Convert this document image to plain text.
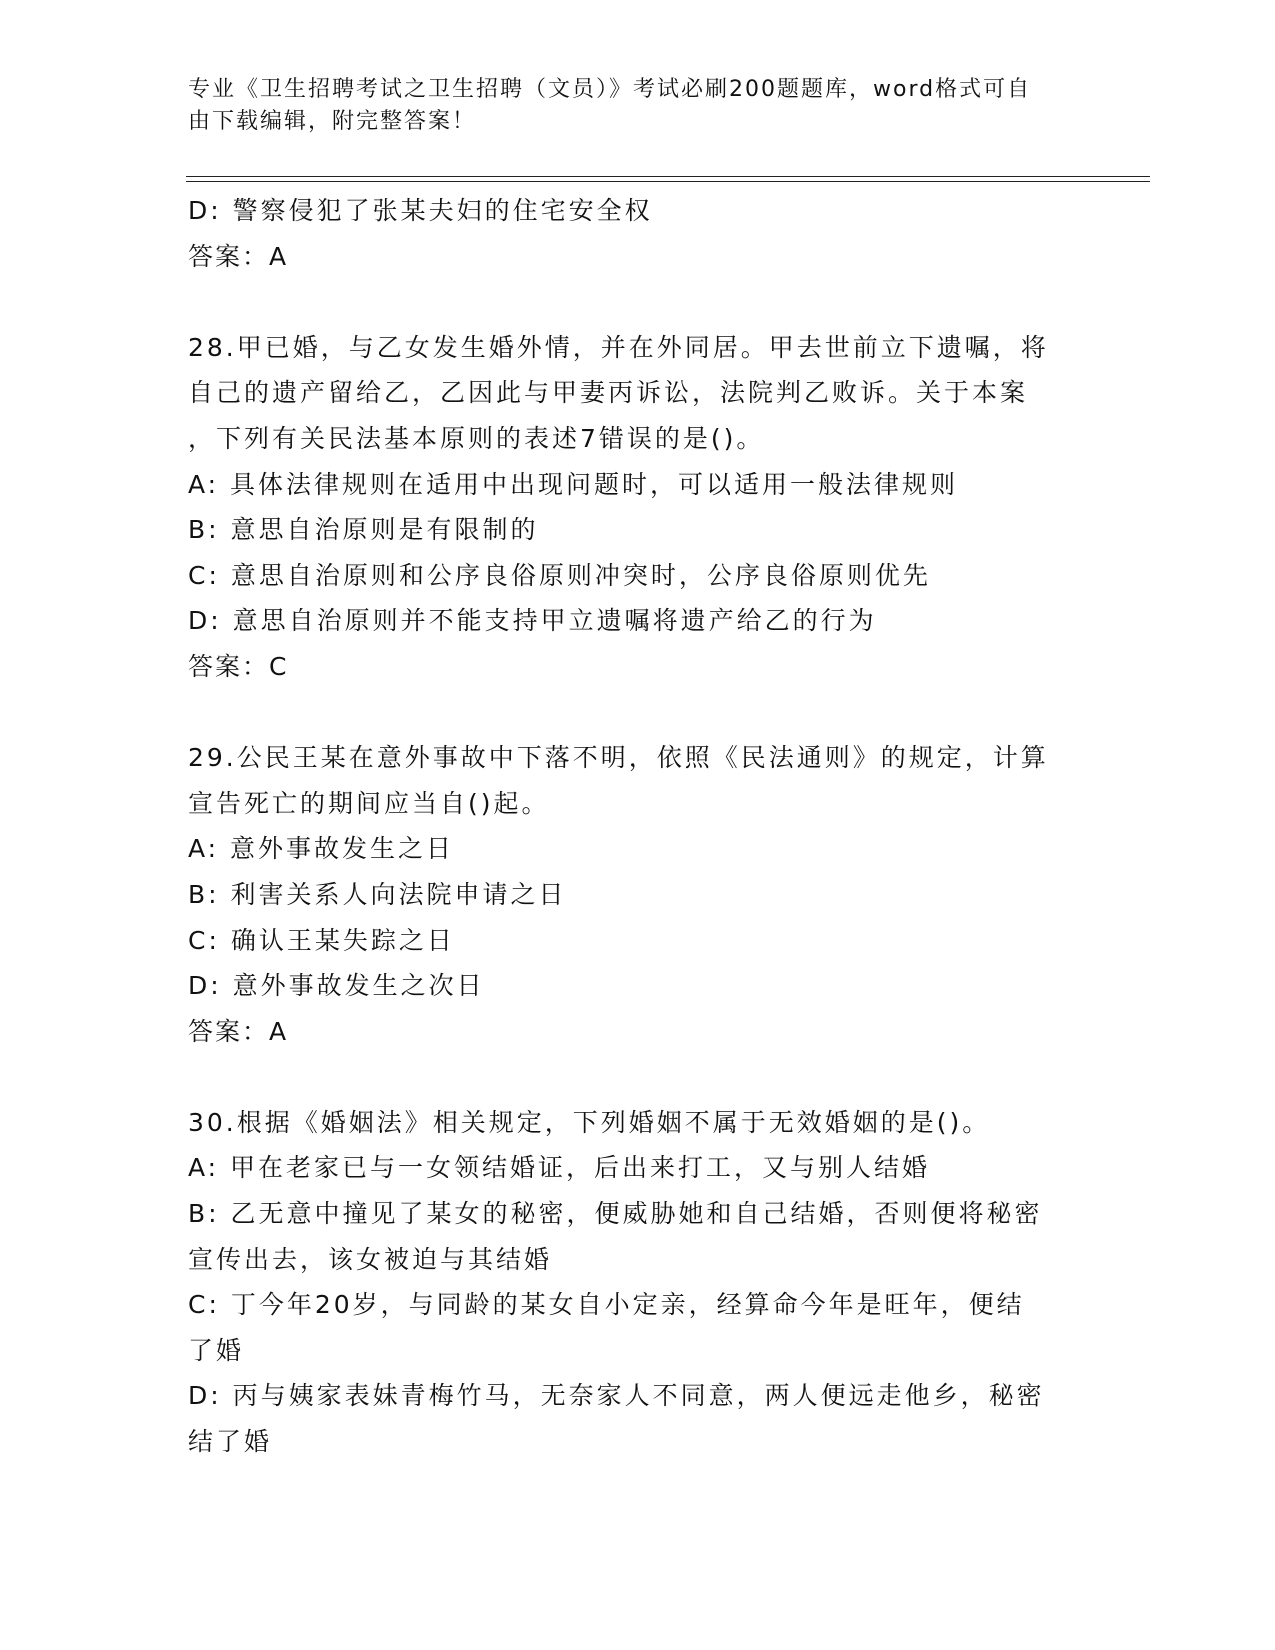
专业《卫生招聘考试之卫生招聘（文员）》考试必刷200题题库，word格式可自
由下载编辑，附完整答案！
D: 警察侵犯了张某夫妇的住宅安全权
答案：A
28.甲已婚，与乙女发生婚外情，并在外同居。甲去世前立下遗嘱，将
自己的遗产留给乙，乙因此与甲妻丙诉讼，法院判乙败诉。关于本案
，下列有关民法基本原则的表述7错误的是()。
A: 具体法律规则在适用中出现问题时，可以适用一般法律规则
B: 意思自治原则是有限制的
C: 意思自治原则和公序良俗原则冲突时，公序良俗原则优先
D: 意思自治原则并不能支持甲立遗嘱将遗产给乙的行为
答案：C
29.公民王某在意外事故中下落不明，依照《民法通则》的规定，计算
宣告死亡的期间应当自()起。
A: 意外事故发生之日
B: 利害关系人向法院申请之日
C: 确认王某失踪之日
D: 意外事故发生之次日
答案：A
30.根据《婚姻法》相关规定，下列婚姻不属于无效婚姻的是()。
A: 甲在老家已与一女领结婚证，后出来打工，又与别人结婚
B: 乙无意中撞见了某女的秘密，便威胁她和自己结婚，否则便将秘密
宣传出去，该女被迫与其结婚
C: 丁今年20岁，与同龄的某女自小定亲，经算命今年是旺年，便结
了婚
D: 丙与姨家表妹青梅竹马，无奈家人不同意，两人便远走他乡，秘密
结了婚
